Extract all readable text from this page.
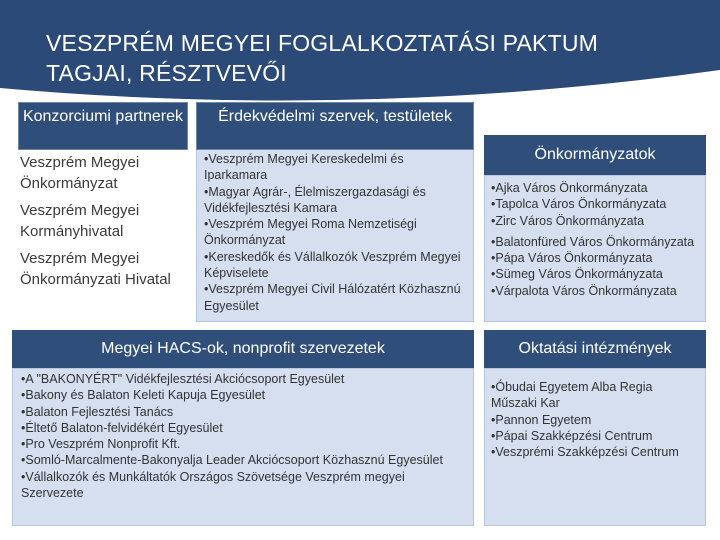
VESZPRÉM MEGYEI FOGLALKOZTATÁSI PAKTUM TAGJAI, RÉSZTVEVŐI
Konzorciumi partnerek
Veszprém Megyei Önkormányzat
Veszprém Megyei Kormányhivatal
Veszprém Megyei Önkormányzati Hivatal
•Veszprém Megyei Kereskedelmi és Iparkamara
•Magyar Agrár-, Élelmiszergazdasági és Vidékfejlesztési Kamara
•Veszprém Megyei Roma Nemzetiségi Önkormányzat
•Kereskedők és Vállalkozók Veszprém Megyei Képviselete
•Veszprém Megyei Civil Hálózatért Közhasznú Egyesület
Érdekvédelmi szervek, testületek
Önkormányzatok
•Ajka Város Önkormányzata
•Tapolca Város Önkormányzata
•Zirc Város Önkormányzata
•Balatonfüred Város Önkormányzata
•Pápa Város Önkormányzata
•Sümeg Város Önkormányzata
•Várpalota Város Önkormányzata
Megyei HACS-ok, nonprofit szervezetek
•A "BAKONYÉRT" Vidékfejlesztési Akciócsoport Egyesület
•Bakony és Balaton Keleti Kapuja Egyesület
•Balaton Fejlesztési Tanács
•Éltető Balaton-felvidékért Egyesület
•Pro Veszprém Nonprofit Kft.
•Somló-Marcalmente-Bakonyalja Leader Akciócsoport Közhasznú Egyesület
•Vállalkozók és Munkáltatók Országos Szövetsége Veszprém megyei Szervezete
Oktatási intézmények
•Óbudai Egyetem Alba Regia Műszaki Kar
•Pannon Egyetem
•Pápai Szakképzési Centrum
•Veszprémi Szakképzési Centrum
